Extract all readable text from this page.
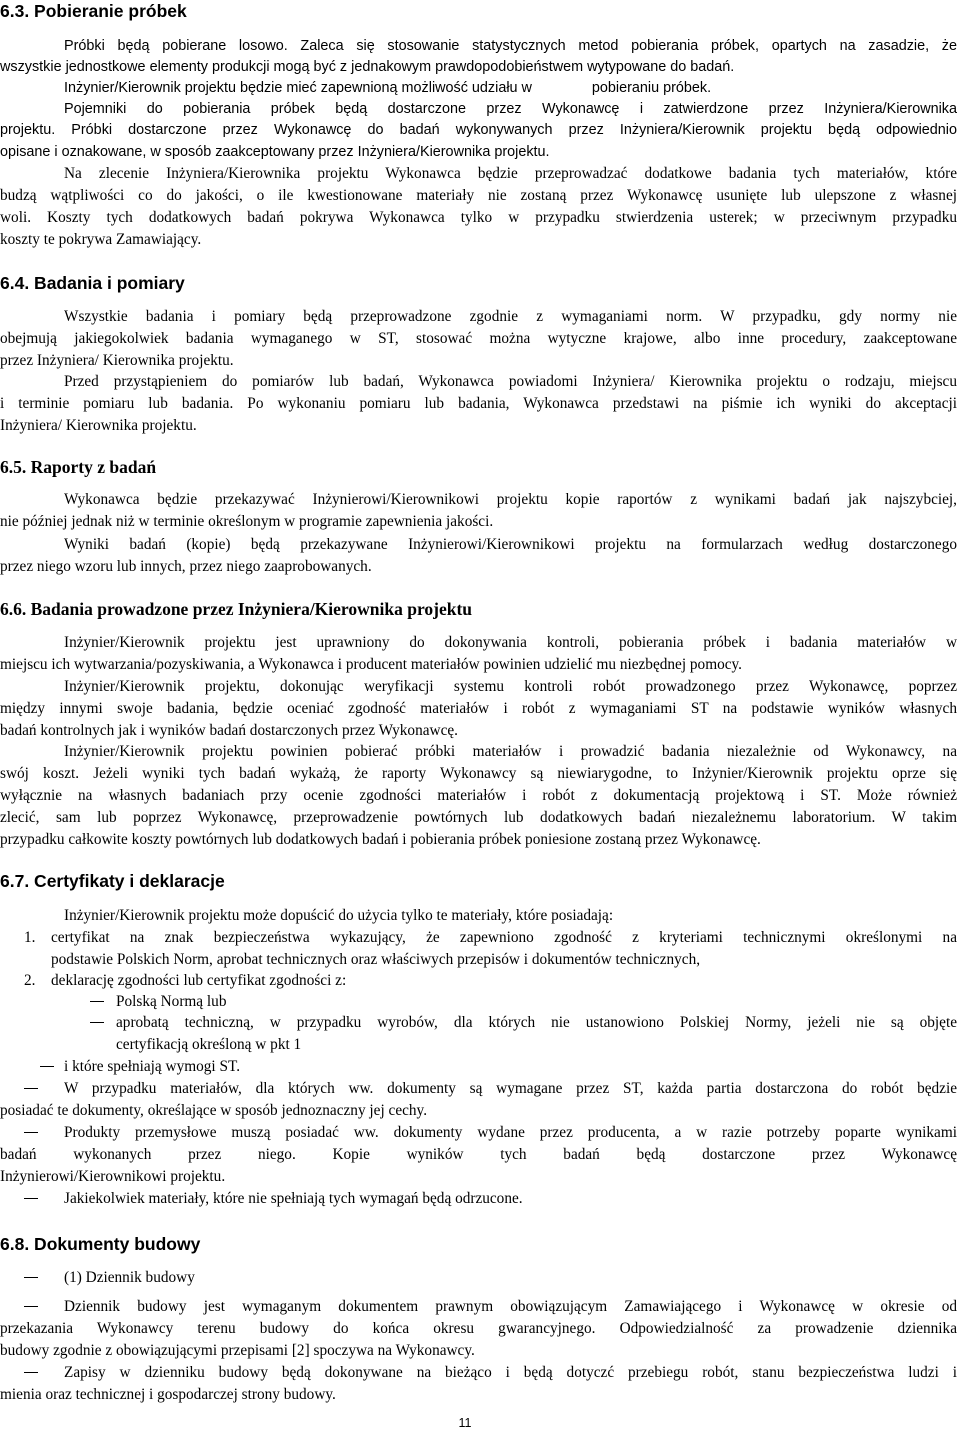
6.3. Pobieranie próbek
Próbki będą pobierane losowo. Zaleca się stosowanie statystycznych metod pobierania próbek, opartych na zasadzie, że
wszystkie jednostkowe elementy produkcji mogą być z jednakowym prawdopodobieństwem wytypowane do badań.
Inżynier/Kierownik projektu będzie mieć zapewnioną możliwość udziału w	pobieraniu próbek.
Pojemniki do pobierania próbek będą dostarczone przez Wykonawcę i zatwierdzone przez Inżyniera/Kierownika
projektu. Próbki dostarczone przez Wykonawcę do badań wykonywanych przez Inżyniera/Kierownik projektu będą odpowiednio
opisane i oznakowane, w sposób zaakceptowany przez Inżyniera/Kierownika projektu.
Na zlecenie Inżyniera/Kierownika projektu Wykonawca będzie przeprowadzać dodatkowe badania tych materiałów, które
budzą wątpliwości co do jakości, o ile kwestionowane materiały nie zostaną przez Wykonawcę usunięte lub ulepszone z własnej
woli. Koszty tych dodatkowych badań pokrywa Wykonawca tylko w przypadku stwierdzenia usterek; w przeciwnym przypadku
koszty te pokrywa Zamawiający.
6.4. Badania i pomiary
Wszystkie badania i pomiary będą przeprowadzone zgodnie z wymaganiami norm. W przypadku, gdy normy nie
obejmują jakiegokolwiek badania wymaganego w ST, stosować można wytyczne krajowe, albo inne procedury, zaakceptowane
przez Inżyniera/ Kierownika projektu.
Przed przystąpieniem do pomiarów lub badań, Wykonawca powiadomi Inżyniera/ Kierownika projektu o rodzaju, miejscu
i terminie pomiaru lub badania. Po wykonaniu pomiaru lub badania, Wykonawca przedstawi na piśmie ich wyniki do akceptacji
Inżyniera/ Kierownika projektu.
6.5. Raporty z badań
Wykonawca będzie przekazywać Inżynierowi/Kierownikowi projektu kopie raportów z wynikami badań jak najszybciej,
nie później jednak niż w terminie określonym w programie zapewnienia jakości.
Wyniki badań (kopie) będą przekazywane Inżynierowi/Kierownikowi projektu na formularzach według dostarczonego
przez niego wzoru lub innych, przez niego zaaprobowanych.
6.6. Badania prowadzone przez Inżyniera/Kierownika projektu
Inżynier/Kierownik projektu jest uprawniony do dokonywania kontroli, pobierania próbek i badania materiałów w
miejscu ich wytwarzania/pozyskiwania, a Wykonawca i producent materiałów powinien udzielić mu niezbędnej pomocy.
Inżynier/Kierownik projektu, dokonując weryfikacji systemu kontroli robót prowadzonego przez Wykonawcę, poprzez
między innymi swoje badania, będzie oceniać zgodność materiałów i robót z wymaganiami ST na podstawie wyników własnych
badań kontrolnych jak i wyników badań dostarczonych przez Wykonawcę.
Inżynier/Kierownik projektu powinien pobierać próbki materiałów i prowadzić badania niezależnie od Wykonawcy, na
swój koszt. Jeżeli wyniki tych badań wykażą, że raporty Wykonawcy są niewiarygodne, to Inżynier/Kierownik projektu oprze się
wyłącznie na własnych badaniach przy ocenie zgodności materiałów i robót z dokumentacją projektową i ST. Może również
zlecić, sam lub poprzez Wykonawcę, przeprowadzenie powtórnych lub dodatkowych badań niezależnemu laboratorium. W takim
przypadku całkowite koszty powtórnych lub dodatkowych badań i pobierania próbek poniesione zostaną przez Wykonawcę.
6.7. Certyfikaty i deklaracje
Inżynier/Kierownik projektu może dopuścić do użycia tylko te materiały, które posiadają:
1.	certyfikat na znak bezpieczeństwa wykazujący, że zapewniono zgodność z kryteriami technicznymi określonymi na
podstawie Polskich Norm, aprobat technicznych oraz właściwych przepisów i dokumentów technicznych,
2.	deklarację zgodności lub certyfikat zgodności z:
Polską Normą lub
aprobatą techniczną, w przypadku wyrobów, dla których nie ustanowiono Polskiej Normy, jeżeli nie są objęte
certyfikacją określoną w pkt 1
i które spełniają wymogi ST.
W przypadku materiałów, dla których ww. dokumenty są wymagane przez ST, każda partia dostarczona do robót będzie
posiadać te dokumenty, określające w sposób jednoznaczny jej cechy.
Produkty przemysłowe muszą posiadać ww. dokumenty wydane przez producenta, a w razie potrzeby poparte wynikami
badań wykonanych przez niego. Kopie wyników tych badań będą dostarczone przez Wykonawcę
Inżynierowi/Kierownikowi projektu.
Jakiekolwiek materiały, które nie spełniają tych wymagań będą odrzucone.
6.8. Dokumenty budowy
(1) Dziennik budowy
Dziennik budowy jest wymaganym dokumentem prawnym obowiązującym Zamawiającego i Wykonawcę w okresie od
przekazania Wykonawcy terenu budowy do końca okresu gwarancyjnego. Odpowiedzialność za prowadzenie dziennika
budowy zgodnie z obowiązującymi przepisami [2] spoczywa na Wykonawcy.
Zapisy w dzienniku budowy będą dokonywane na bieżąco i będą dotyczć przebiegu robót, stanu bezpieczeństwa ludzi i
mienia oraz technicznej i gospodarczej strony budowy.
11
